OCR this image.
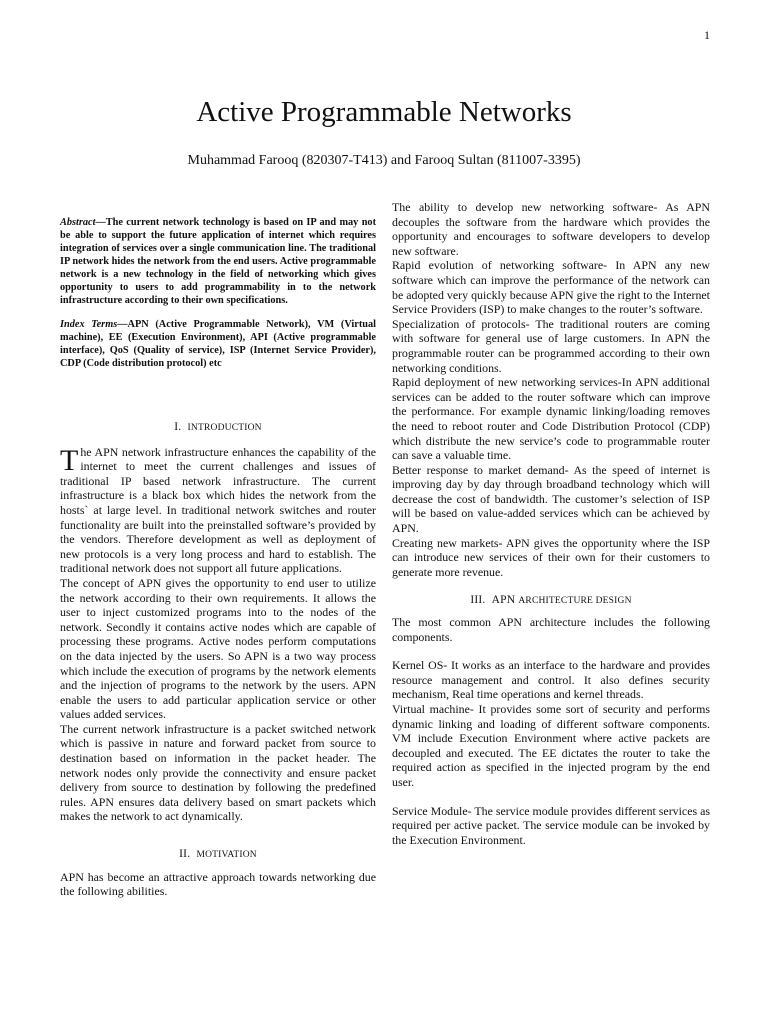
1
Active Programmable Networks
Muhammad Farooq (820307-T413) and Farooq Sultan (811007-3395)

Abstract—The current network technology is based on IP and may not be able to support the future application of internet which requires integration of services over a single communication line. The traditional IP network hides the network from the end users. Active programmable network is a new technology in the field of networking which gives opportunity to users to add programmability in to the network infrastructure according to their own specifications.

Index Terms—APN (Active Programmable Network), VM (Virtual machine), EE (Execution Environment), API (Active programmable interface), QoS (Quality of service), ISP (Internet Service Provider), CDP (Code distribution protocol) etc

I. INTRODUCTION

The APN network infrastructure enhances the capability of the internet to meet the current challenges and issues of traditional IP based network infrastructure. The current infrastructure is a black box which hides the network from the hosts` at large level. In traditional network switches and router functionality are built into the preinstalled software’s provided by the vendors. Therefore development as well as deployment of new protocols is a very long process and hard to establish. The traditional network does not support all future applications.

The concept of APN gives the opportunity to end user to utilize the network according to their own requirements. It allows the user to inject customized programs into to the nodes of the network. Secondly it contains active nodes which are capable of processing these programs. Active nodes perform computations on the data injected by the users. So APN is a two way process which include the execution of programs by the network elements and the injection of programs to the network by the users. APN enable the users to add particular application service or other values added services.

The current network infrastructure is a packet switched network which is passive in nature and forward packet from source to destination based on information in the packet header. The network nodes only provide the connectivity and ensure packet delivery from source to destination by following the predefined rules. APN ensures data delivery based on smart packets which makes the network to act dynamically.

II. MOTIVATION

APN has become an attractive approach towards networking due the following abilities.

The ability to develop new networking software- As APN decouples the software from the hardware which provides the opportunity and encourages to software developers to develop new software.

Rapid evolution of networking software- In APN any new software which can improve the performance of the network can be adopted very quickly because APN give the right to the Internet Service Providers (ISP) to make changes to the router’s software.

Specialization of protocols- The traditional routers are coming with software for general use of large customers. In APN the programmable router can be programmed according to their own networking conditions.

Rapid deployment of new networking services-In APN additional services can be added to the router software which can improve the performance. For example dynamic linking/loading removes the need to reboot router and Code Distribution Protocol (CDP) which distribute the new service’s code to programmable router can save a valuable time.

Better response to market demand- As the speed of internet is improving day by day through broadband technology which will decrease the cost of bandwidth. The customer’s selection of ISP will be based on value-added services which can be achieved by APN.

Creating new markets- APN gives the opportunity where the ISP can introduce new services of their own for their customers to generate more revenue.

III. APN ARCHITECTURE DESIGN

The most common APN architecture includes the following components.

Kernel OS- It works as an interface to the hardware and provides resource management and control. It also defines security mechanism, Real time operations and kernel threads.

Virtual machine- It provides some sort of security and performs dynamic linking and loading of different software components. VM include Execution Environment where active packets are decoupled and executed. The EE dictates the router to take the required action as specified in the injected program by the end user.

Service Module- The service module provides different services as required per active packet. The service module can be invoked by the Execution Environment.
